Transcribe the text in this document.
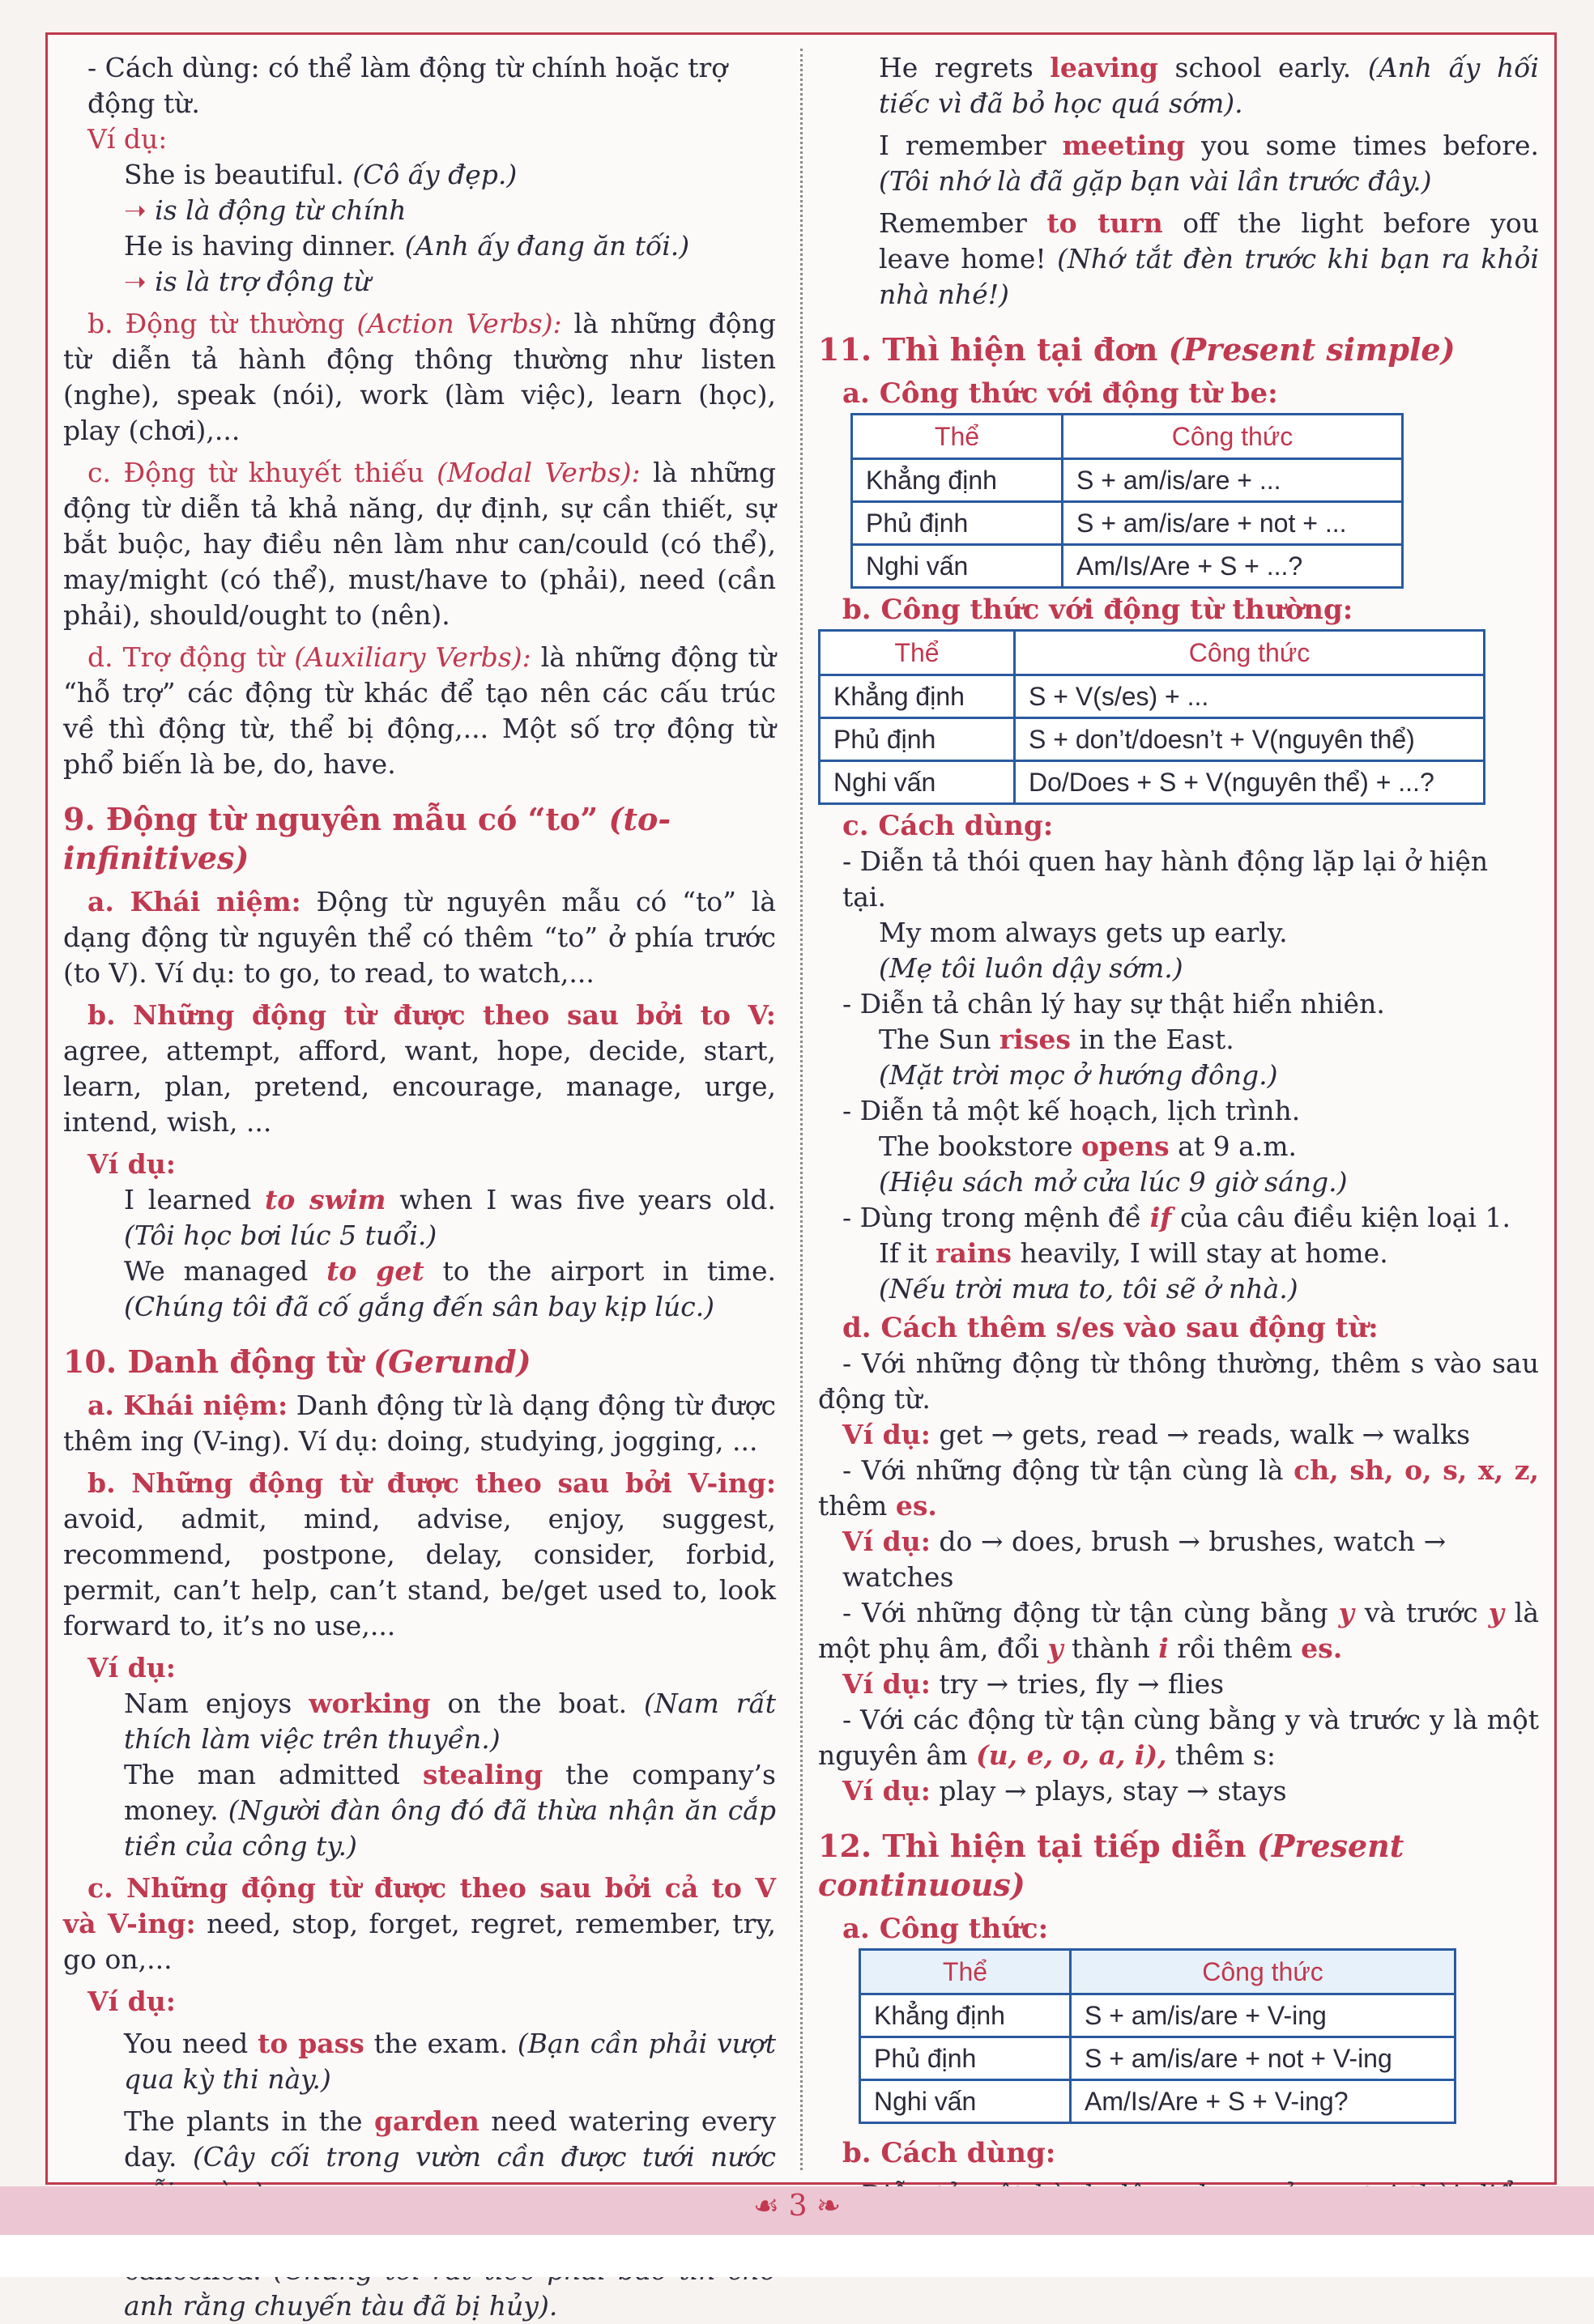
- Cách dùng: có thể làm động từ chính hoặc trợ động từ.

Ví dụ:

She is beautiful. (Cô ấy đẹp.)

➝ is là động từ chính

He is having dinner. (Anh ấy đang ăn tối.)

➝ is là trợ động từ

b. Động từ thường (Action Verbs): là những động từ diễn tả hành động thông thường như listen (nghe), speak (nói), work (làm việc), learn (học), play (chơi),...

c. Động từ khuyết thiếu (Modal Verbs): là những động từ diễn tả khả năng, dự định, sự cần thiết, sự bắt buộc, hay điều nên làm như can/could (có thể), may/might (có thể), must/have to (phải), need (cần phải), should/ought to (nên).

d. Trợ động từ (Auxiliary Verbs): là những động từ “hỗ trợ” các động từ khác để tạo nên các cấu trúc về thì động từ, thể bị động,... Một số trợ động từ phổ biến là be, do, have.

9. Động từ nguyên mẫu có “to” (to-infinitives)

a. Khái niệm: Động từ nguyên mẫu có “to” là dạng động từ nguyên thể có thêm “to” ở phía trước (to V). Ví dụ: to go, to read, to watch,...

b. Những động từ được theo sau bởi to V: agree, attempt, afford, want, hope, decide, start, learn, plan, pretend, encourage, manage, urge, intend, wish, ...

Ví dụ:

I learned to swim when I was five years old. (Tôi học bơi lúc 5 tuổi.)

We managed to get to the airport in time. (Chúng tôi đã cố gắng đến sân bay kịp lúc.)

10. Danh động từ (Gerund)

a. Khái niệm: Danh động từ là dạng động từ được thêm ing (V-ing). Ví dụ: doing, studying, jogging, ...

b. Những động từ được theo sau bởi V-ing: avoid, admit, mind, advise, enjoy, suggest, recommend, postpone, delay, consider, forbid, permit, can’t help, can’t stand, be/get used to, look forward to, it’s no use,...

Ví dụ:

Nam enjoys working on the boat. (Nam rất thích làm việc trên thuyền.)

The man admitted stealing the company’s money. (Người đàn ông đó đã thừa nhận ăn cắp tiền của công ty.)

c. Những động từ được theo sau bởi cả to V và V-ing: need, stop, forget, regret, remember, try, go on,...

Ví dụ:

You need to pass the exam. (Bạn cần phải vượt qua kỳ thi này.)

The plants in the garden need watering every day. (Cây cối trong vườn cần được tưới nước

anh rằng chuyến tàu đã bị hủy).

He regrets leaving school early. (Anh ấy hối tiếc vì đã bỏ học quá sớm).

I remember meeting you some times before. (Tôi nhớ là đã gặp bạn vài lần trước đây.)

Remember to turn off the light before you leave home! (Nhớ tắt đèn trước khi bạn ra khỏi nhà nhé!)

11. Thì hiện tại đơn (Present simple)
a. Công thức với động từ be:
Thể	Công thức
Khẳng định	S + am/is/are + ...
Phủ định	S + am/is/are + not + ...
Nghi vấn	Am/Is/Are + S + ...?
b. Công thức với động từ thường:
Thể	Công thức
Khẳng định	S + V(s/es) + ...
Phủ định	S + don’t/doesn’t + V(nguyên thể)
Nghi vấn	Do/Does + S + V(nguyên thể) + ...?
c. Cách dùng:

- Diễn tả thói quen hay hành động lặp lại ở hiện tại.

My mom always gets up early.

(Mẹ tôi luôn dậy sớm.)

- Diễn tả chân lý hay sự thật hiển nhiên.

The Sun rises in the East.

(Mặt trời mọc ở hướng đông.)

- Diễn tả một kế hoạch, lịch trình.

The bookstore opens at 9 a.m.

(Hiệu sách mở cửa lúc 9 giờ sáng.)

- Dùng trong mệnh đề if của câu điều kiện loại 1.

If it rains heavily, I will stay at home.

(Nếu trời mưa to, tôi sẽ ở nhà.)

d. Cách thêm s/es vào sau động từ:

- Với những động từ thông thường, thêm s vào sau động từ.

Ví dụ: get → gets, read → reads, walk → walks

- Với những động từ tận cùng là ch, sh, o, s, x, z, thêm es.

Ví dụ: do → does, brush → brushes, watch → watches

- Với những động từ tận cùng bằng y và trước y là một phụ âm, đổi y thành i rồi thêm es.

Ví dụ: try → tries, fly → flies

- Với các động từ tận cùng bằng y và trước y là một nguyên âm (u, e, o, a, i), thêm s:

Ví dụ: play → plays, stay → stays

12. Thì hiện tại tiếp diễn (Present continuous)
a. Công thức:
Thể	Công thức
Khẳng định	S + am/is/are + V-ing
Phủ định	S + am/is/are + not + V-ing
Nghi vấn	Am/Is/Are + S + V-ing?
b. Cách dùng:

☙ 3 ❧
